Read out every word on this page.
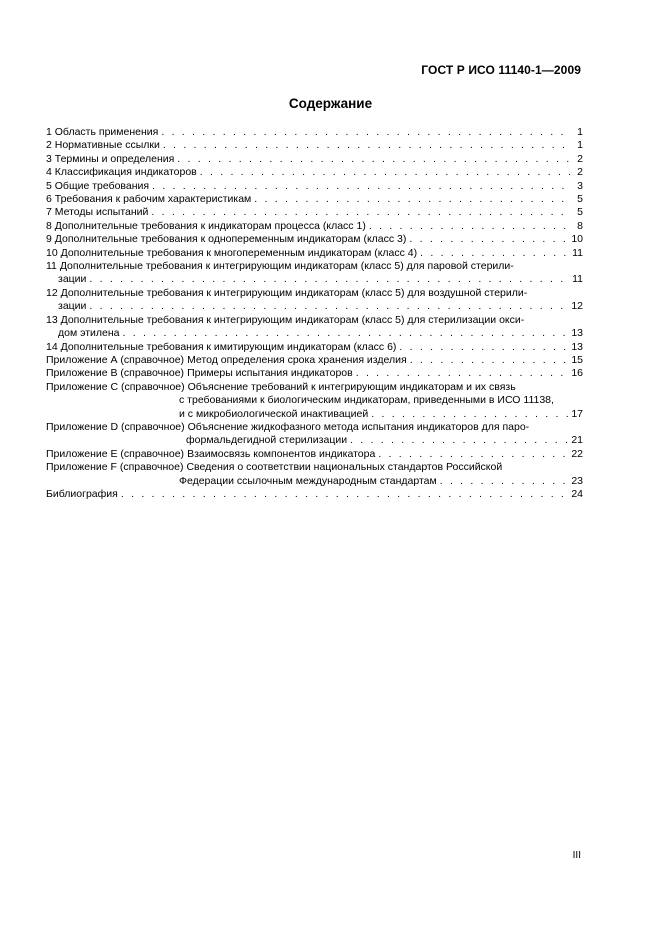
ГОСТ Р ИСО 11140-1—2009
Содержание
1 Область применения . . .	1
2 Нормативные ссылки . . .	1
3 Термины и определения . . .	2
4 Классификация индикаторов . . .	2
5 Общие требования . . .	3
6 Требования к рабочим характеристикам . . .	5
7 Методы испытаний . . .	5
8 Дополнительные требования к индикаторам процесса (класс 1) . . .	8
9 Дополнительные требования к однопеременным индикаторам (класс 3) . . .	10
10 Дополнительные требования к многопеременным индикаторам (класс 4) . . .	11
11 Дополнительные требования к интегрирующим индикаторам (класс 5) для паровой стерили-
зации . . .	11
12 Дополнительные требования к интегрирующим индикаторам (класс 5) для воздушной стерили-
зации . . .	12
13 Дополнительные требования к интегрирующим индикаторам (класс 5) для стерилизации окси-
дом этилена . . .	13
14 Дополнительные требования к имитирующим индикаторам (класс 6) . . .	13
Приложение А (справочное) Метод определения срока хранения изделия . . .	15
Приложение В (справочное) Примеры испытания индикаторов . . .	16
Приложение С (справочное) Объяснение требований к интегрирующим индикаторам и их связь
с требованиями к биологическим индикаторам, приведенными в ИСО 11138,
и с микробиологической инактивацией . . .	17
Приложение D (справочное) Объяснение жидкофазного метода испытания индикаторов для паро-
формальдегидной стерилизации . . .	21
Приложение Е (справочное) Взаимосвязь компонентов индикатора . . .	22
Приложение F (справочное) Сведения о соответствии национальных стандартов Российской
Федерации ссылочным международным стандартам . . .	23
Библиография . . .	24
III
